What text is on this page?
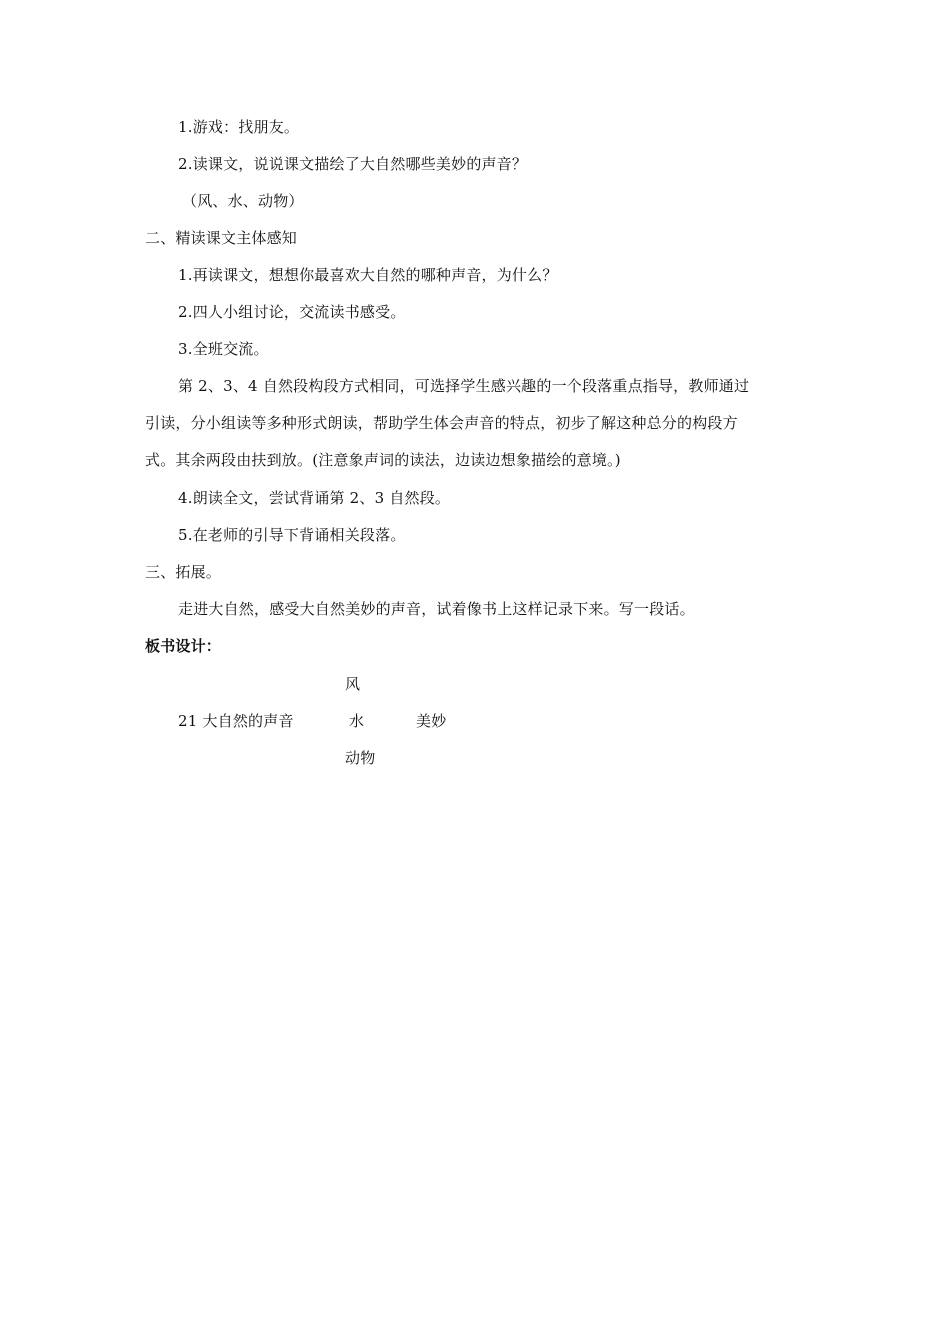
1.游戏：找朋友。
2.读课文，说说课文描绘了大自然哪些美妙的声音？
（风、水、动物）
二、精读课文主体感知
1.再读课文，想想你最喜欢大自然的哪种声音，为什么？
2.四人小组讨论，交流读书感受。
3.全班交流。
第 2、3、4 自然段构段方式相同，可选择学生感兴趣的一个段落重点指导，教师通过
引读，分小组读等多种形式朗读，帮助学生体会声音的特点，初步了解这种总分的构段方
式。其余两段由扶到放。(注意象声词的读法，边读边想象描绘的意境。)
4.朗读全文，尝试背诵第 2、3 自然段。
5.在老师的引导下背诵相关段落。
三、拓展。
走进大自然，感受大自然美妙的声音，试着像书上这样记录下来。写一段话。
板书设计：
风
21 大自然的声音	水	美妙
动物
